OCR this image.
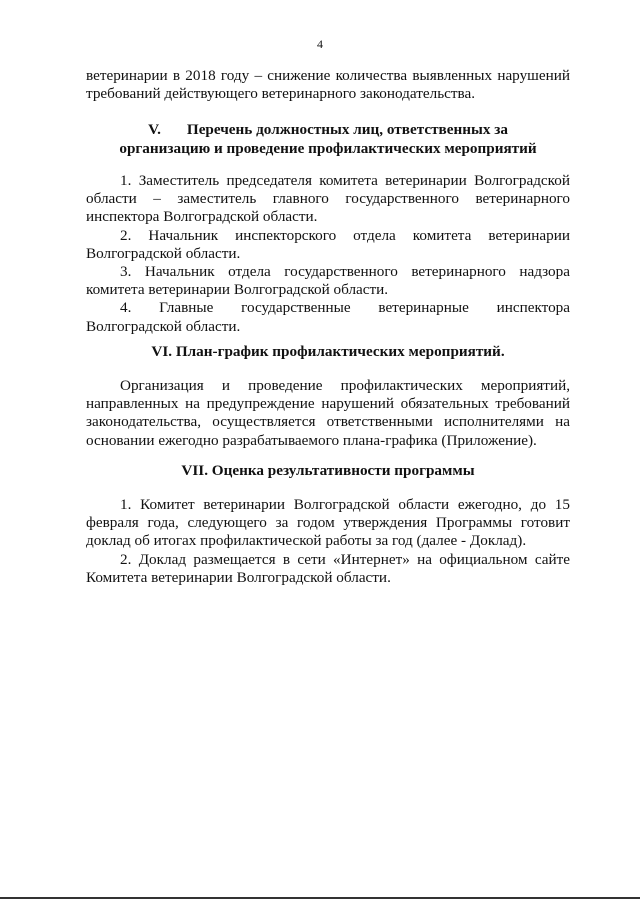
4

ветеринарии в 2018 году – снижение количества выявленных нарушений требований действующего ветеринарного законодательства.

V. Перечень должностных лиц, ответственных за
организацию и проведение профилактических мероприятий

1. Заместитель председателя комитета ветеринарии Волгоградской области – заместитель главного государственного ветеринарного инспектора Волгоградской области.

2. Начальник инспекторского отдела комитета ветеринарии Волгоградской области.

3. Начальник отдела государственного ветеринарного надзора комитета ветеринарии Волгоградской области.

4. Главные государственные ветеринарные инспектора Волгоградской области.

VI. План-график профилактических мероприятий.

Организация и проведение профилактических мероприятий, направленных на предупреждение нарушений обязательных требований законодательства, осуществляется ответственными исполнителями на основании ежегодно разрабатываемого плана-графика (Приложение).

VII. Оценка результативности программы

1. Комитет ветеринарии Волгоградской области ежегодно, до 15 февраля года, следующего за годом утверждения Программы готовит доклад об итогах профилактической работы за год (далее - Доклад).

2. Доклад размещается в сети «Интернет» на официальном сайте Комитета ветеринарии Волгоградской области.
